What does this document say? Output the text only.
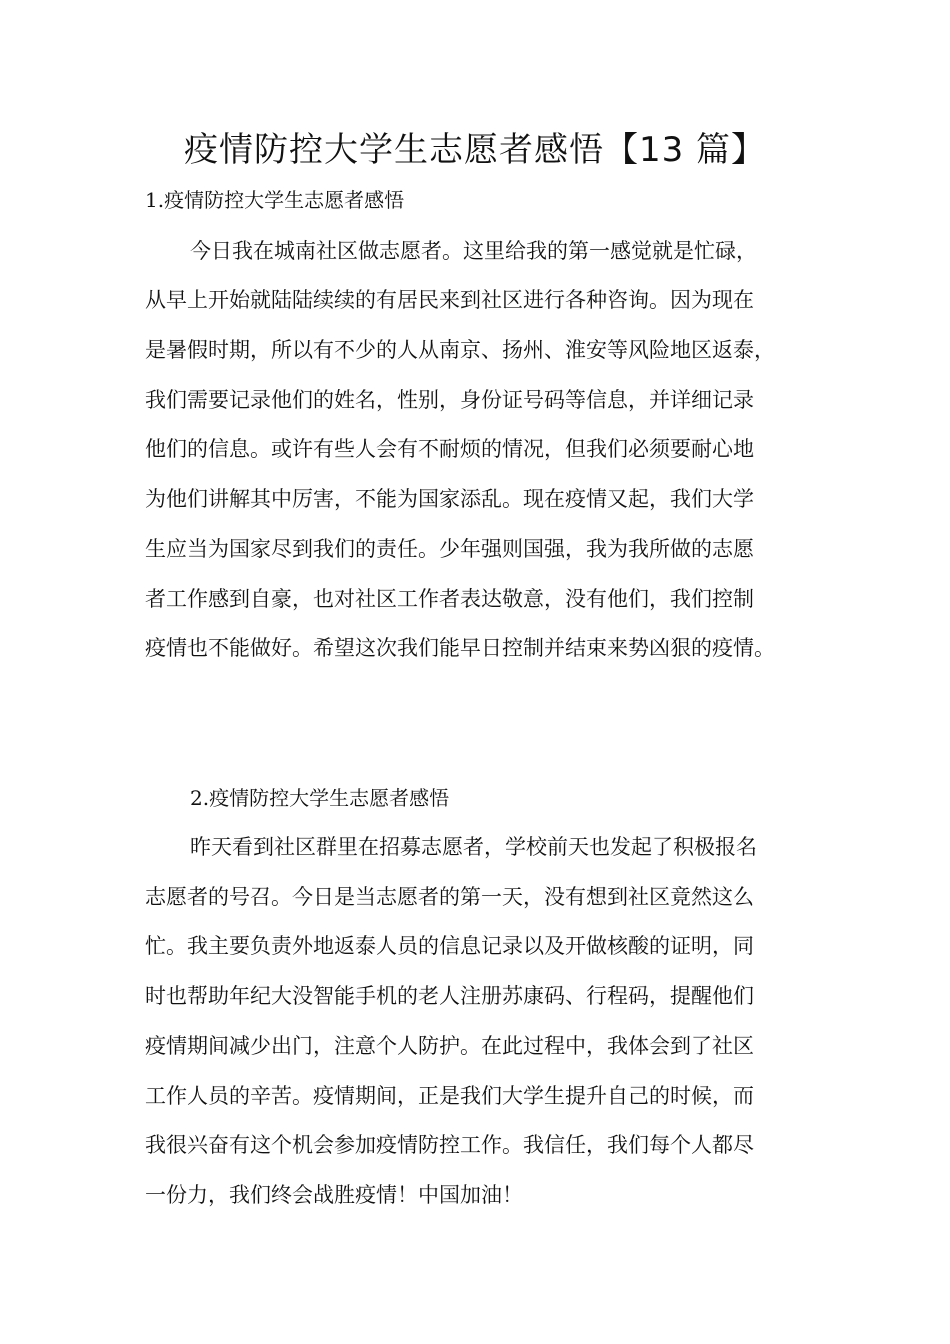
疫情防控大学生志愿者感悟【13 篇】
1.疫情防控大学生志愿者感悟
今日我在城南社区做志愿者。这里给我的第一感觉就是忙碌，
从早上开始就陆陆续续的有居民来到社区进行各种咨询。因为现在
是暑假时期，所以有不少的人从南京、扬州、淮安等风险地区返泰，
我们需要记录他们的姓名，性别，身份证号码等信息，并详细记录
他们的信息。或许有些人会有不耐烦的情况，但我们必须要耐心地
为他们讲解其中厉害，不能为国家添乱。现在疫情又起，我们大学
生应当为国家尽到我们的责任。少年强则国强，我为我所做的志愿
者工作感到自豪，也对社区工作者表达敬意，没有他们，我们控制
疫情也不能做好。希望这次我们能早日控制并结束来势凶狠的疫情。
2.疫情防控大学生志愿者感悟
昨天看到社区群里在招募志愿者，学校前天也发起了积极报名
志愿者的号召。今日是当志愿者的第一天，没有想到社区竟然这么
忙。我主要负责外地返泰人员的信息记录以及开做核酸的证明，同
时也帮助年纪大没智能手机的老人注册苏康码、行程码，提醒他们
疫情期间减少出门，注意个人防护。在此过程中，我体会到了社区
工作人员的辛苦。疫情期间，正是我们大学生提升自己的时候，而
我很兴奋有这个机会参加疫情防控工作。我信任，我们每个人都尽
一份力，我们终会战胜疫情！中国加油！
